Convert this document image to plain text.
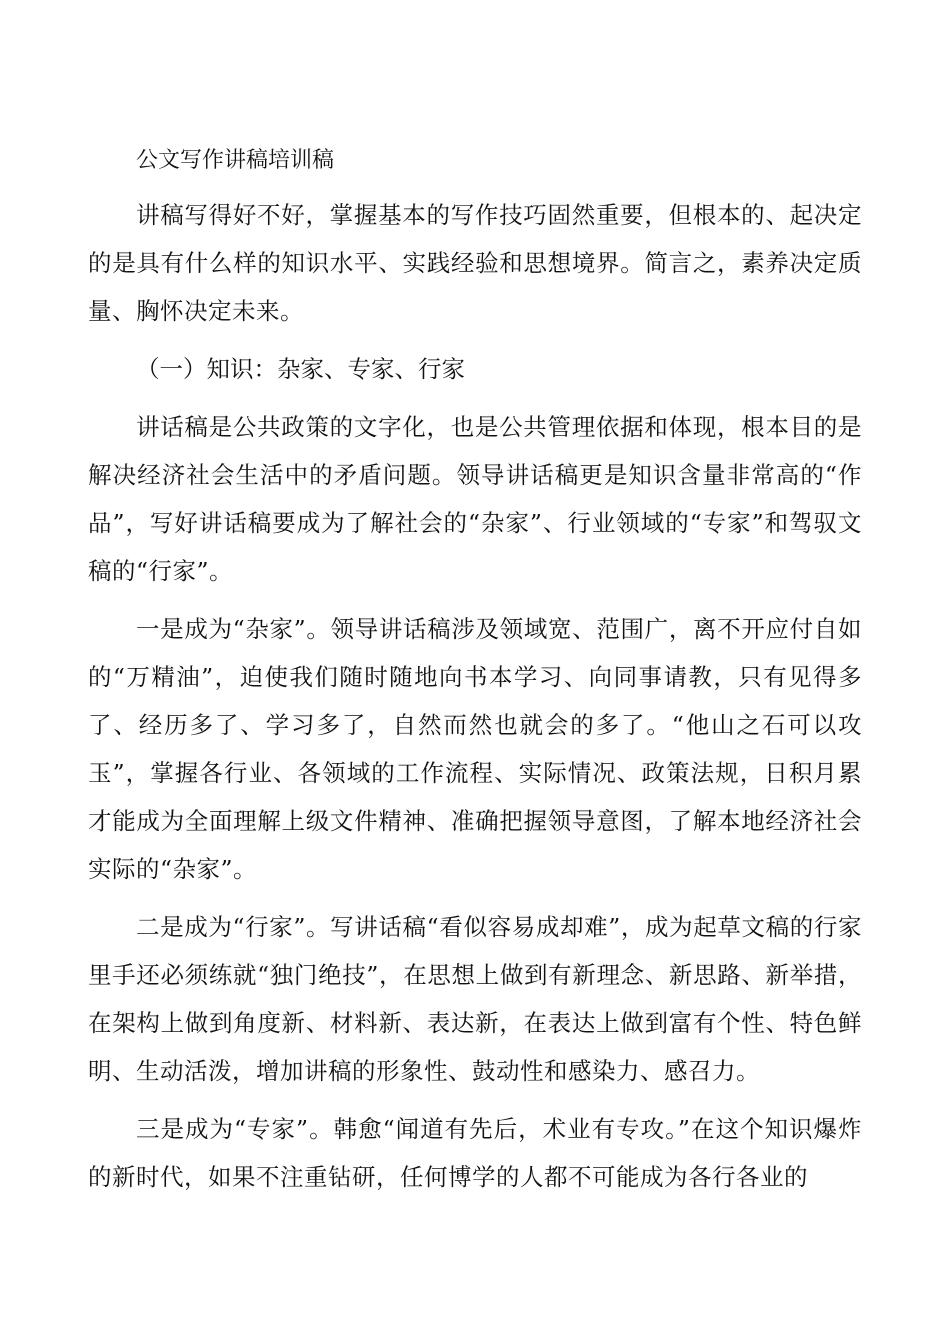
公文写作讲稿培训稿

讲稿写得好不好，掌握基本的写作技巧固然重要，但根本的、起决定的是具有什么样的知识水平、实践经验和思想境界。简言之，素养决定质量、胸怀决定未来。

（一）知识：杂家、专家、行家

讲话稿是公共政策的文字化，也是公共管理依据和体现，根本目的是解决经济社会生活中的矛盾问题。领导讲话稿更是知识含量非常高的“作品”，写好讲话稿要成为了解社会的“杂家”、行业领域的“专家”和驾驭文稿的“行家”。

一是成为“杂家”。领导讲话稿涉及领域宽、范围广，离不开应付自如的“万精油”，迫使我们随时随地向书本学习、向同事请教，只有见得多了、经历多了、学习多了，自然而然也就会的多了。“他山之石可以攻玉”，掌握各行业、各领域的工作流程、实际情况、政策法规，日积月累才能成为全面理解上级文件精神、准确把握领导意图，了解本地经济社会实际的“杂家”。

二是成为“行家”。写讲话稿“看似容易成却难”，成为起草文稿的行家里手还必须练就“独门绝技”，在思想上做到有新理念、新思路、新举措，在架构上做到角度新、材料新、表达新，在表达上做到富有个性、特色鲜明、生动活泼，增加讲稿的形象性、鼓动性和感染力、感召力。

三是成为“专家”。韩愈“闻道有先后，术业有专攻。”在这个知识爆炸的新时代，如果不注重钻研，任何博学的人都不可能成为各行各业的
